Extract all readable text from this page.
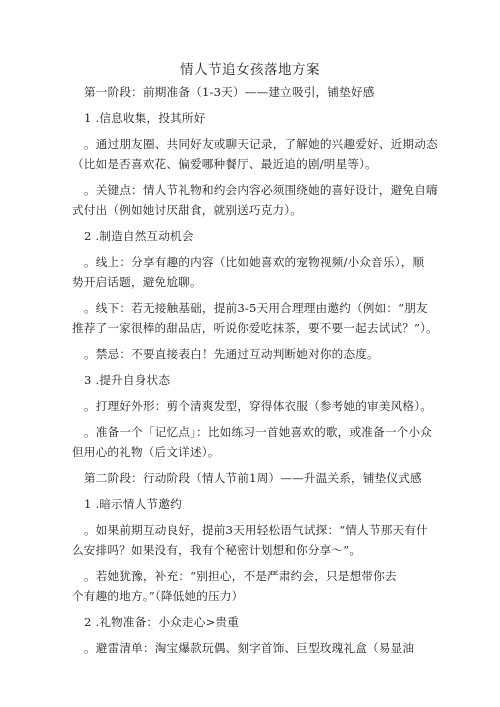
情人节追女孩落地方案
第一阶段：前期准备（1-3天）——建立吸引，铺垫好感
1 .信息收集，投其所好
。通过朋友圈、共同好友或聊天记录，了解她的兴趣爱好、近期动态
（比如是否喜欢花、偏爱哪种餐厅、最近追的剧/明星等）。
。关键点：情人节礼物和约会内容必须围绕她的喜好设计，避免自嗨
式付出（例如她讨厌甜食，就别送巧克力）。
2 .制造自然互动机会
。线上：分享有趣的内容（比如她喜欢的宠物视频/小众音乐），顺
势开启话题，避免尬聊。
。线下：若无接触基础，提前3-5天用合理理由邀约（例如：“朋友
推荐了一家很棒的甜品店，听说你爱吃抹茶，要不要一起去试试？”）。
。禁忌：不要直接表白！先通过互动判断她对你的态度。
3 .提升自身状态
。打理好外形：剪个清爽发型，穿得体衣服（参考她的审美风格）。
。准备一个「记忆点」：比如练习一首她喜欢的歌，或准备一个小众
但用心的礼物（后文详述）。
第二阶段：行动阶段（情人节前1周）——升温关系，铺垫仪式感
1 .暗示情人节邀约
。如果前期互动良好，提前3天用轻松语气试探：“情人节那天有什
么安排吗？如果没有，我有个秘密计划想和你分享～”。
。若她犹豫，补充：“别担心，不是严肃约会，只是想带你去
个有趣的地方。”（降低她的压力）
2 .礼物准备：小众走心>贵重
。避雷清单：淘宝爆款玩偶、刻字首饰、巨型玫瑰礼盒（易显油
